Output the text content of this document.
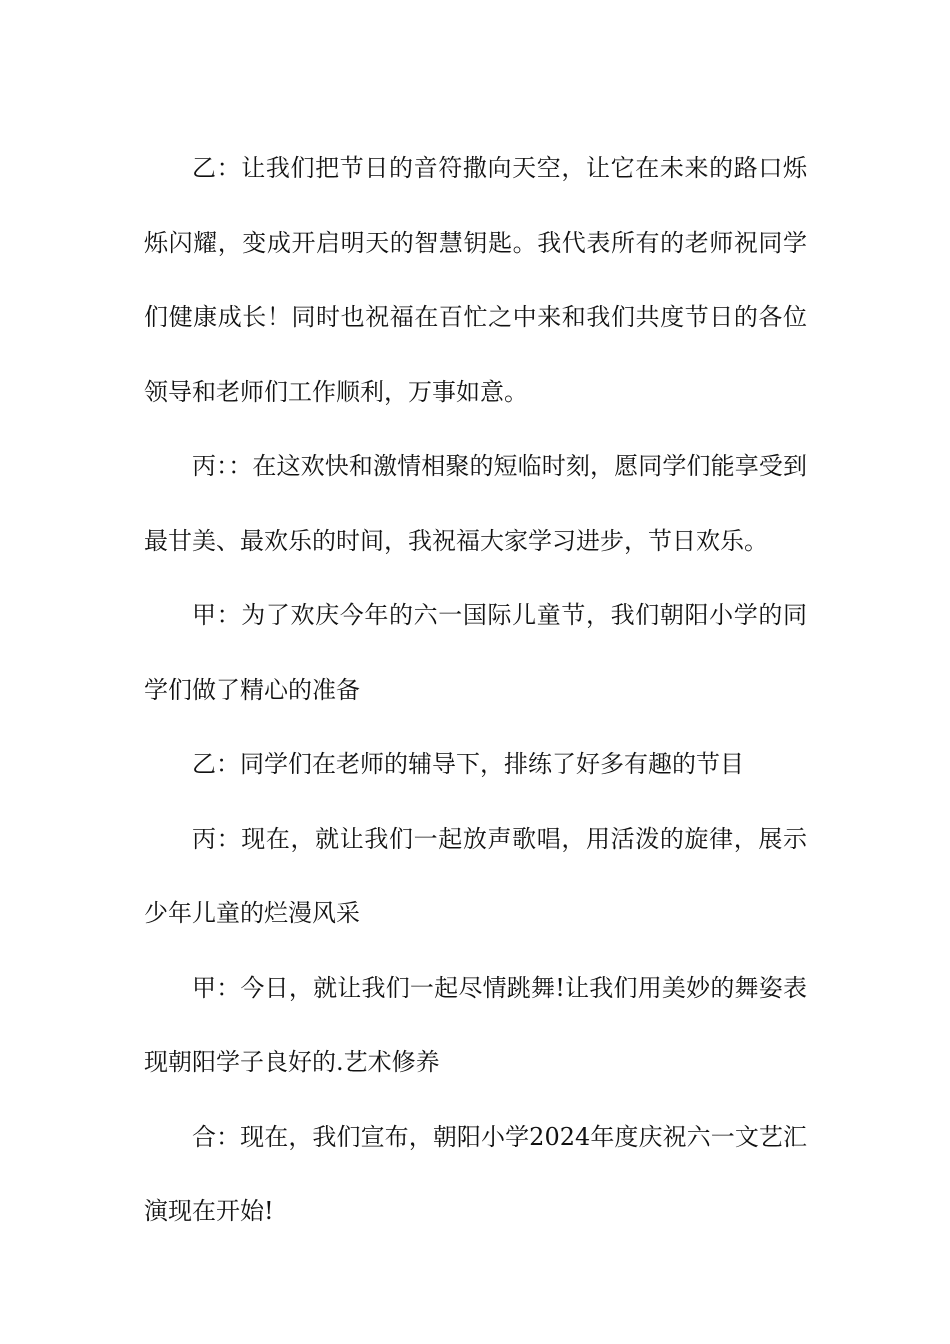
乙：让我们把节日的音符撒向天空，让它在未来的路口烁烁闪耀，变成开启明天的智慧钥匙。我代表所有的老师祝同学们健康成长！同时也祝福在百忙之中来和我们共度节日的各位领导和老师们工作顺利，万事如意。

丙：：在这欢快和激情相聚的短临时刻，愿同学们能享受到最甘美、最欢乐的时间，我祝福大家学习进步，节日欢乐。

甲：为了欢庆今年的六一国际儿童节，我们朝阳小学的同学们做了精心的准备

乙：同学们在老师的辅导下，排练了好多有趣的节目

丙：现在，就让我们一起放声歌唱，用活泼的旋律，展示少年儿童的烂漫风采

甲：今日，就让我们一起尽情跳舞!让我们用美妙的舞姿表现朝阳学子良好的.艺术修养

合：现在，我们宣布，朝阳小学2024年度庆祝六一文艺汇演现在开始!
